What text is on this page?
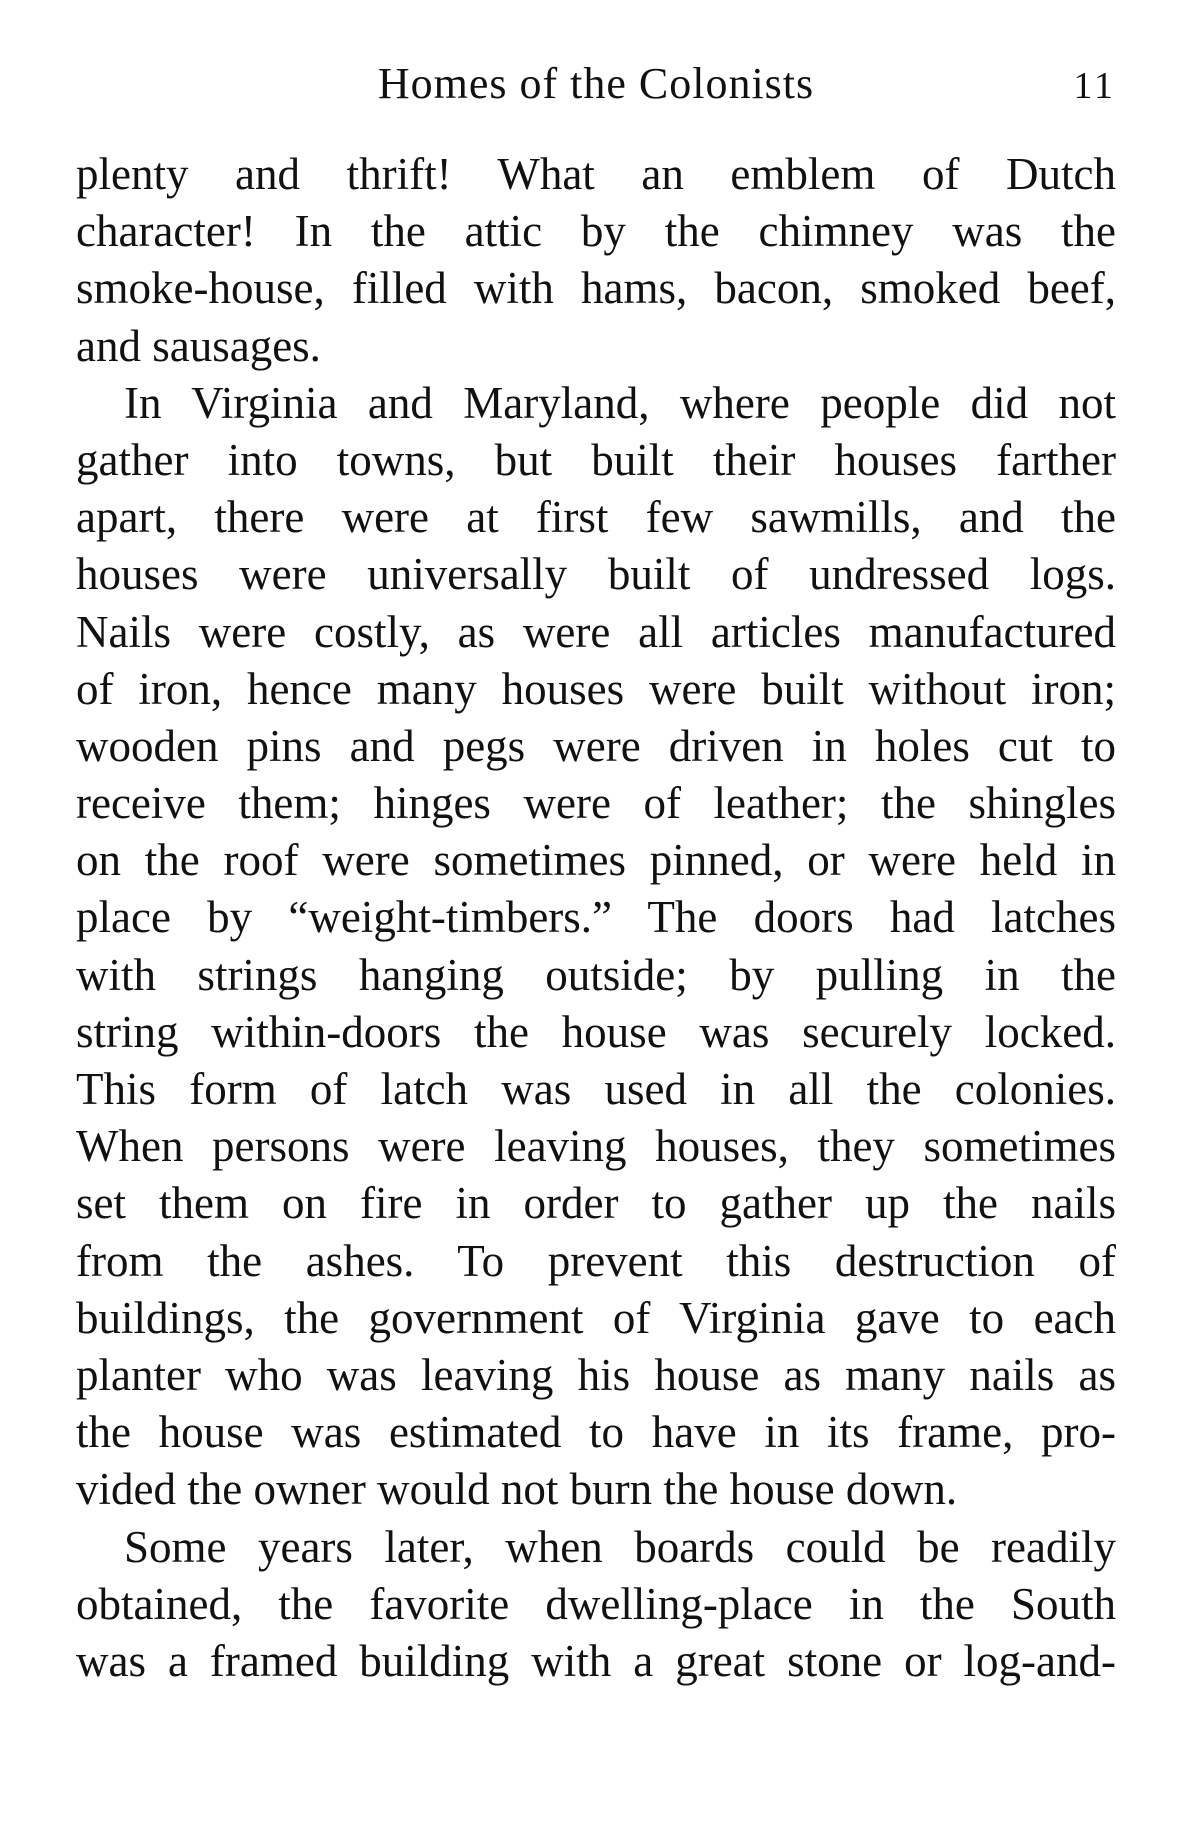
Homes of the Colonists	11
plenty and thrift! What an emblem of Dutch
character! In the attic by the chimney was the
smoke-house, filled with hams, bacon, smoked beef,
and sausages.
In Virginia and Maryland, where people did not
gather into towns, but built their houses farther
apart, there were at first few sawmills, and the
houses were universally built of undressed logs.
Nails were costly, as were all articles manufactured
of iron, hence many houses were built without iron;
wooden pins and pegs were driven in holes cut to
receive them; hinges were of leather; the shingles
on the roof were sometimes pinned, or were held in
place by “weight-timbers.” The doors had latches
with strings hanging outside; by pulling in the
string within-doors the house was securely locked.
This form of latch was used in all the colonies.
When persons were leaving houses, they sometimes
set them on fire in order to gather up the nails
from the ashes. To prevent this destruction of
buildings, the government of Virginia gave to each
planter who was leaving his house as many nails as
the house was estimated to have in its frame, pro-
vided the owner would not burn the house down.
Some years later, when boards could be readily
obtained, the favorite dwelling-place in the South
was a framed building with a great stone or log-and-
